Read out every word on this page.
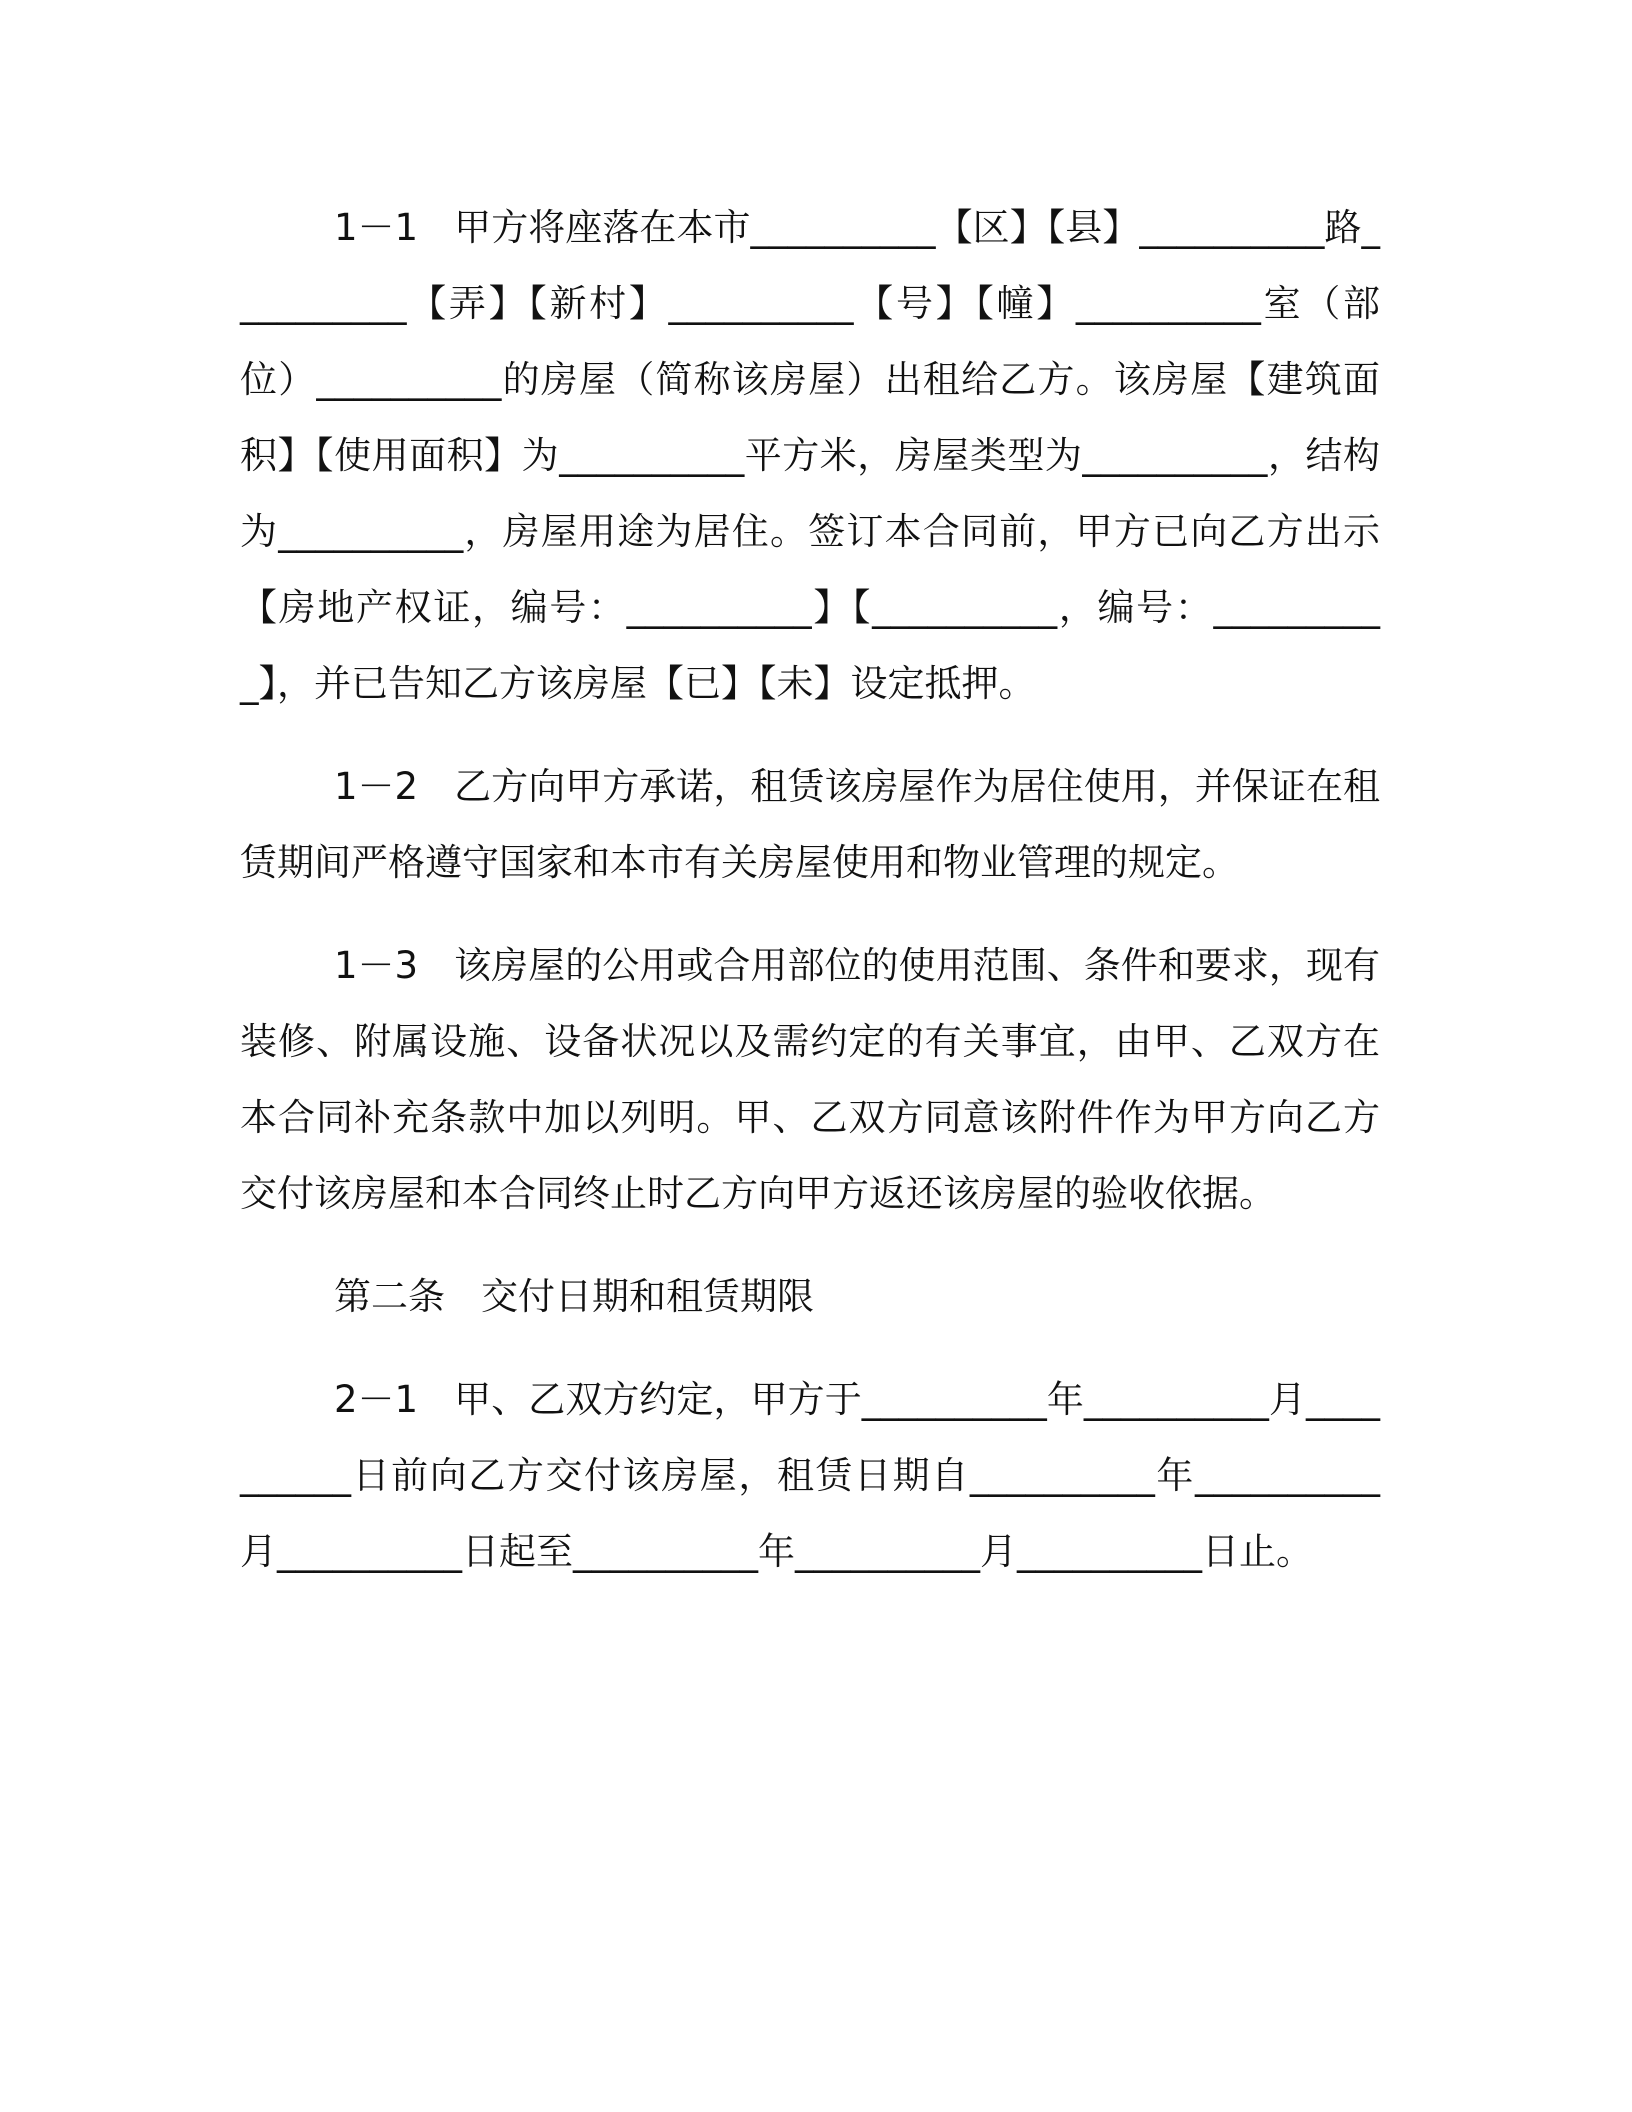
1－1 甲方将座落在本市__________【区】【县】__________路__________【弄】【新村】__________【号】【幢】__________室（部位）__________的房屋（简称该房屋）出租给乙方。该房屋【建筑面积】【使用面积】为__________平方米，房屋类型为__________，结构为__________，房屋用途为居住。签订本合同前，甲方已向乙方出示【房地产权证，编号：__________】【__________，编号：__________】，并已告知乙方该房屋【已】【未】设定抵押。

1－2 乙方向甲方承诺，租赁该房屋作为居住使用，并保证在租赁期间严格遵守国家和本市有关房屋使用和物业管理的规定。

1－3 该房屋的公用或合用部位的使用范围、条件和要求，现有装修、附属设施、设备状况以及需约定的有关事宜，由甲、乙双方在本合同补充条款中加以列明。甲、乙双方同意该附件作为甲方向乙方交付该房屋和本合同终止时乙方向甲方返还该房屋的验收依据。

第二条 交付日期和租赁期限

2－1 甲、乙双方约定，甲方于__________年__________月__________日前向乙方交付该房屋，租赁日期自__________年__________月__________日起至__________年__________月__________日止。
